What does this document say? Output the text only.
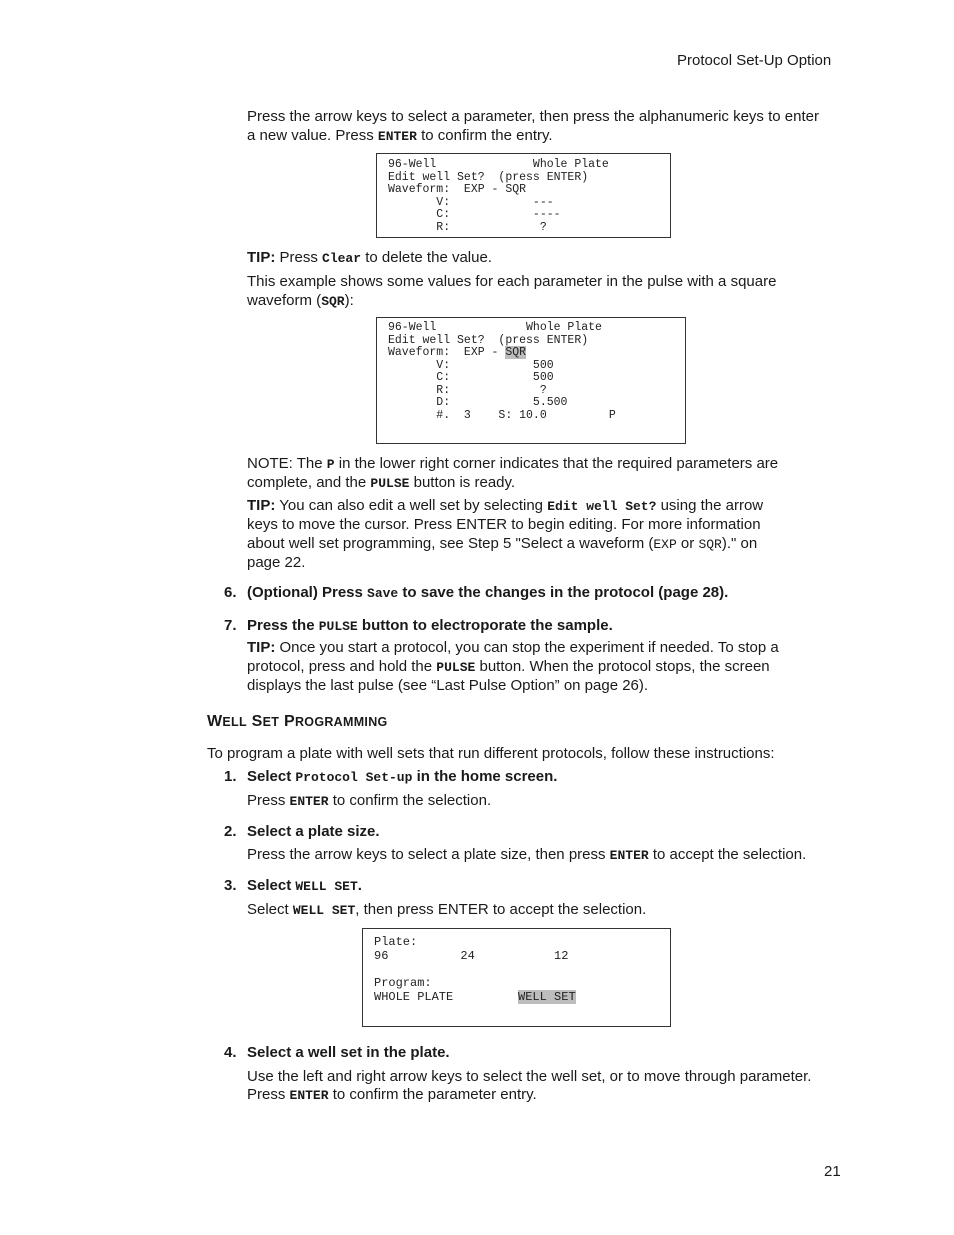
Protocol Set-Up Option
Press the arrow keys to select a parameter, then press the alphanumeric keys to enter
a new value. Press ENTER to confirm the entry.
96-Well              Whole Plate
Edit well Set?  (press ENTER)
Waveform:  EXP - SQR
V:            ---
C:            ----
R:             ?
TIP: Press Clear to delete the value.
This example shows some values for each parameter in the pulse with a square
waveform (SQR):
96-Well             Whole Plate
Edit well Set?  (press ENTER)
Waveform:  EXP - SQR
V:            500
C:            500
R:             ?
D:            5.500
#.  3    S: 10.0         P
NOTE: The P in the lower right corner indicates that the required parameters are
complete, and the PULSE button is ready.
TIP: You can also edit a well set by selecting Edit well Set? using the arrow
keys to move the cursor. Press ENTER to begin editing. For more information
about well set programming, see Step 5 "Select a waveform (EXP or SQR)." on
page 22.
6. (Optional) Press Save to save the changes in the protocol (page 28).
7. Press the PULSE button to electroporate the sample.
TIP: Once you start a protocol, you can stop the experiment if needed. To stop a
protocol, press and hold the PULSE button. When the protocol stops, the screen
displays the last pulse (see “Last Pulse Option” on page 26).
WELL SET PROGRAMMING
To program a plate with well sets that run different protocols, follow these instructions:
1. Select Protocol Set-up in the home screen.
Press ENTER to confirm the selection.
2. Select a plate size.
Press the arrow keys to select a plate size, then press ENTER to accept the selection.
3. Select WELL SET.
Select WELL SET, then press ENTER to accept the selection.
Plate:
96          24           12
Program:
WHOLE PLATE         WELL SET
4. Select a well set in the plate.
Use the left and right arrow keys to select the well set, or to move through parameter.
Press ENTER to confirm the parameter entry.
21
